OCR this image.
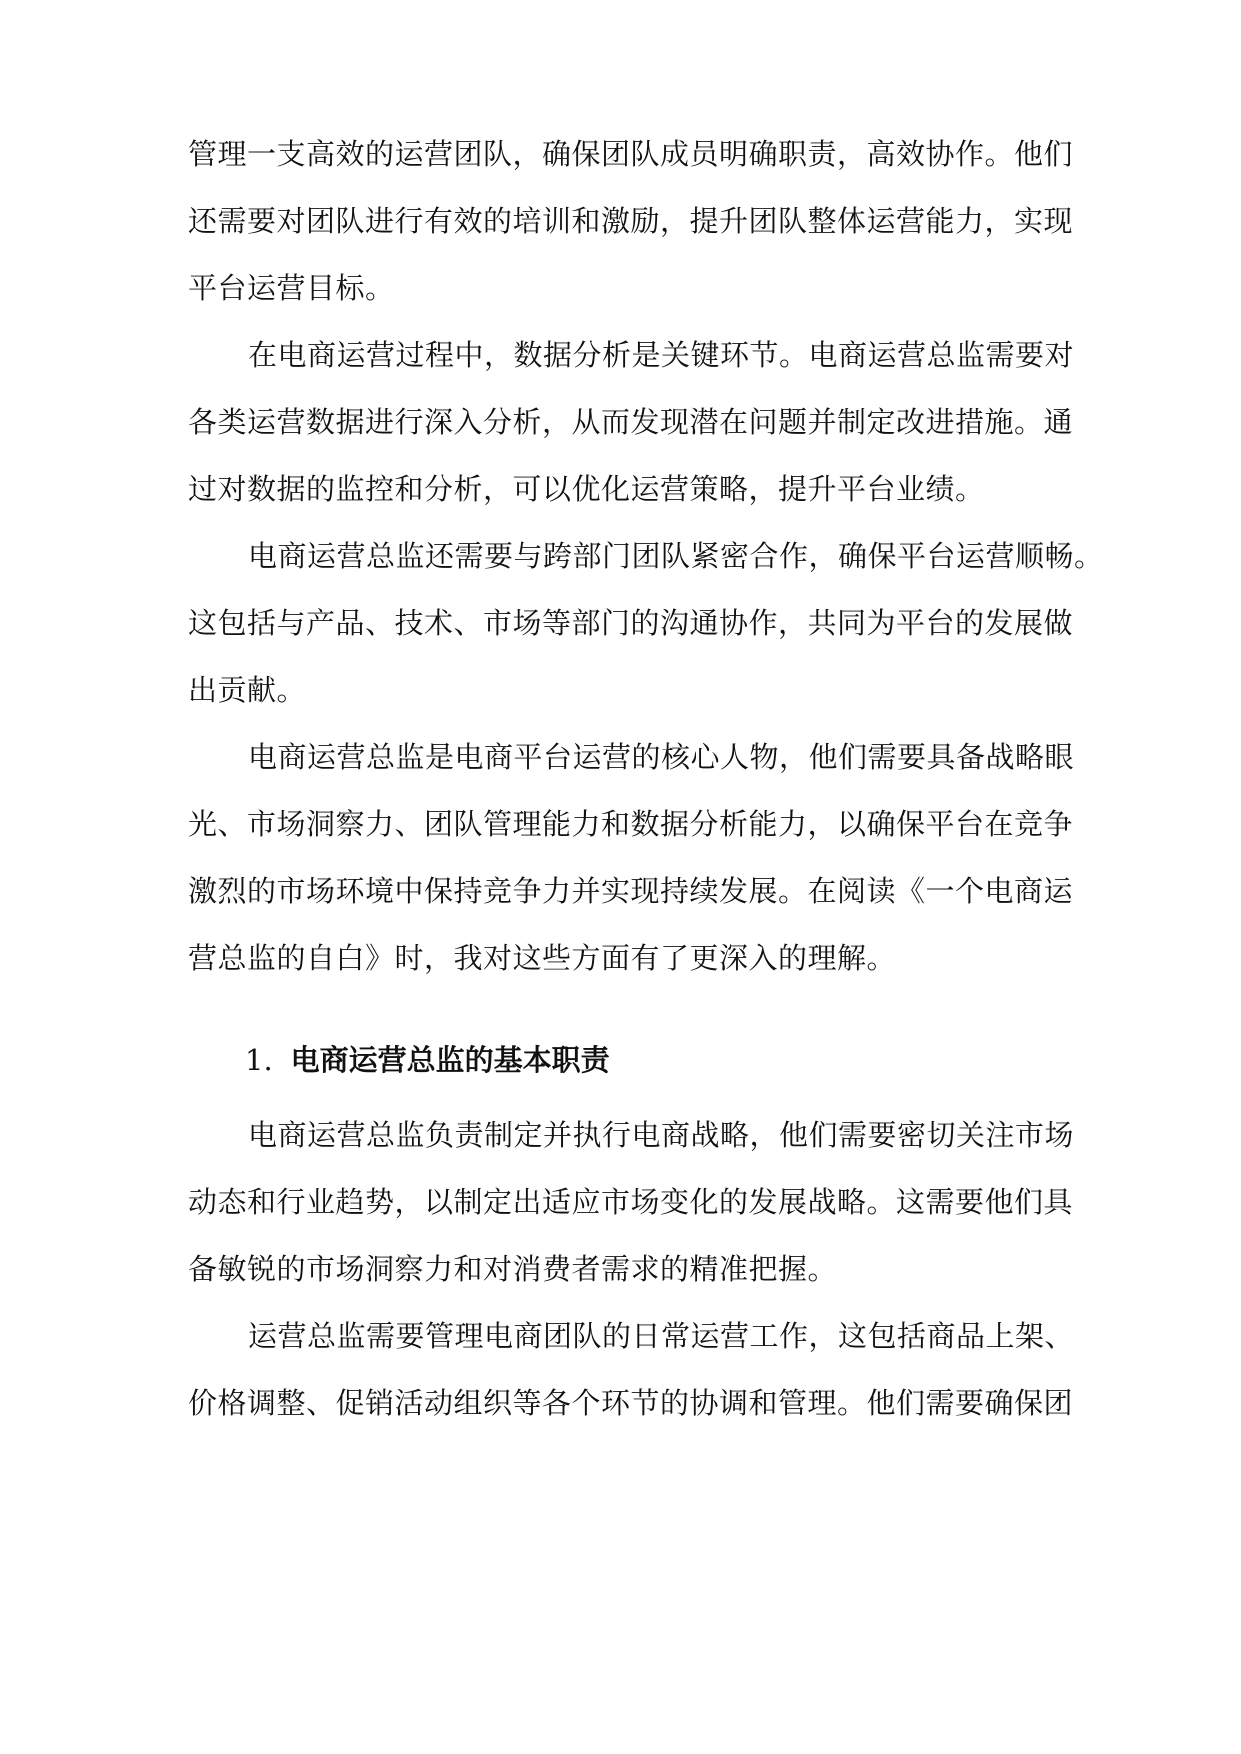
管理一支高效的运营团队，确保团队成员明确职责，高效协作。他们
还需要对团队进行有效的培训和激励，提升团队整体运营能力，实现
平台运营目标。
在电商运营过程中，数据分析是关键环节。电商运营总监需要对
各类运营数据进行深入分析，从而发现潜在问题并制定改进措施。通
过对数据的监控和分析，可以优化运营策略，提升平台业绩。
电商运营总监还需要与跨部门团队紧密合作，确保平台运营顺畅。
这包括与产品、技术、市场等部门的沟通协作，共同为平台的发展做
出贡献。
电商运营总监是电商平台运营的核心人物，他们需要具备战略眼
光、市场洞察力、团队管理能力和数据分析能力，以确保平台在竞争
激烈的市场环境中保持竞争力并实现持续发展。在阅读《一个电商运
营总监的自白》时，我对这些方面有了更深入的理解。
1. 电商运营总监的基本职责
电商运营总监负责制定并执行电商战略，他们需要密切关注市场
动态和行业趋势，以制定出适应市场变化的发展战略。这需要他们具
备敏锐的市场洞察力和对消费者需求的精准把握。
运营总监需要管理电商团队的日常运营工作，这包括商品上架、
价格调整、促销活动组织等各个环节的协调和管理。他们需要确保团
